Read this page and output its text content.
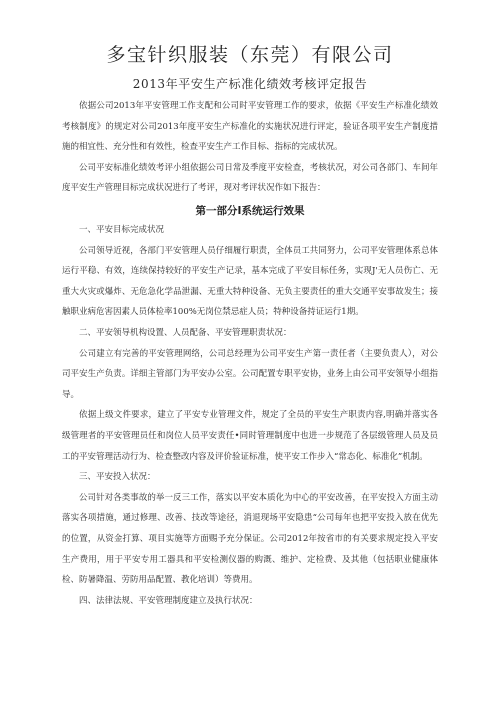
多宝针织服装（东莞）有限公司
2013年平安生产标准化绩效考核评定报告

依据公司2013年平安管理工作支配和公司时平安管理工作的要求，依据《平安生产标准化绩效考核制度》的规定对公司2013年度平安生产标准化的实施状况进行评定，验证各项平安生产制度措施的相宜性、充分性和有效性，检查平安生产工作目标、指标的完成状况。

公司平安标准化绩效考评小组依据公司日常及季度平安检查，考核状况，对公司各部门、车间年度平安生产管理目标完成状况进行了考评，现对考评状况作如下报告：

第一部分I系统运行效果

一、平安目标完成状况

公司领导近视，各部门平安管理人员仔细履行职责，全体员工共同努力，公司平安管理体系总体运行平稳、有效，连续保持较好的平安生产记录，基本完成了平安目标任务，实现J'无人员伤亡、无重大火灾或爆炸、无危急化学品泄漏、无重大特种设备、无负主要责任的重大交通平安事故发生；接触职业病危害因素人员体检率100%无岗位禁忌症人员；特种设备持证运行1期。

二、平安领导机构设置、人员配备、平安管理职责状况：

公司建立有完善的平安管理网络，公司总经理为公司平安生产第一责任者（主要负责人），对公司平安生产负责。详细主管部门为平安办公室。公司配置专职平安协，业务上由公司平安领导小组指导。

依据上级文件要求，建立了平安专业管理文件，规定了全员的平安生产职责内容,明确并落实各级管理者的平安管理员任和岗位人员平安责任•同时管理制度中也进一步规范了各层级管理人员及员工的平安管理活动行为、检查整改内容及评价验证标准，使平安工作步入“常态化、标准化”机制。

三、平安投入状况：

公司针对各类事故的举一反三工作，落实以平安本质化为中心的平安改善，在平安投入方面主动落实各项措施，通过修理、改善、技改等途径，消退现场平安隐患“公司每年也把平安投入放在优先的位置，从资金打算、项目实施等方面赐予充分保证。公司2012年按省市的有关要求规定投入平安生产费用，用于平安专用工器具和平安检测仪器的购溉、维护、定检费、及其他（包括职业健康体检、防暑降温、劳防用品配置、教化培训）等费用。

四、法律法规、平安管理制度建立及执行状况：
